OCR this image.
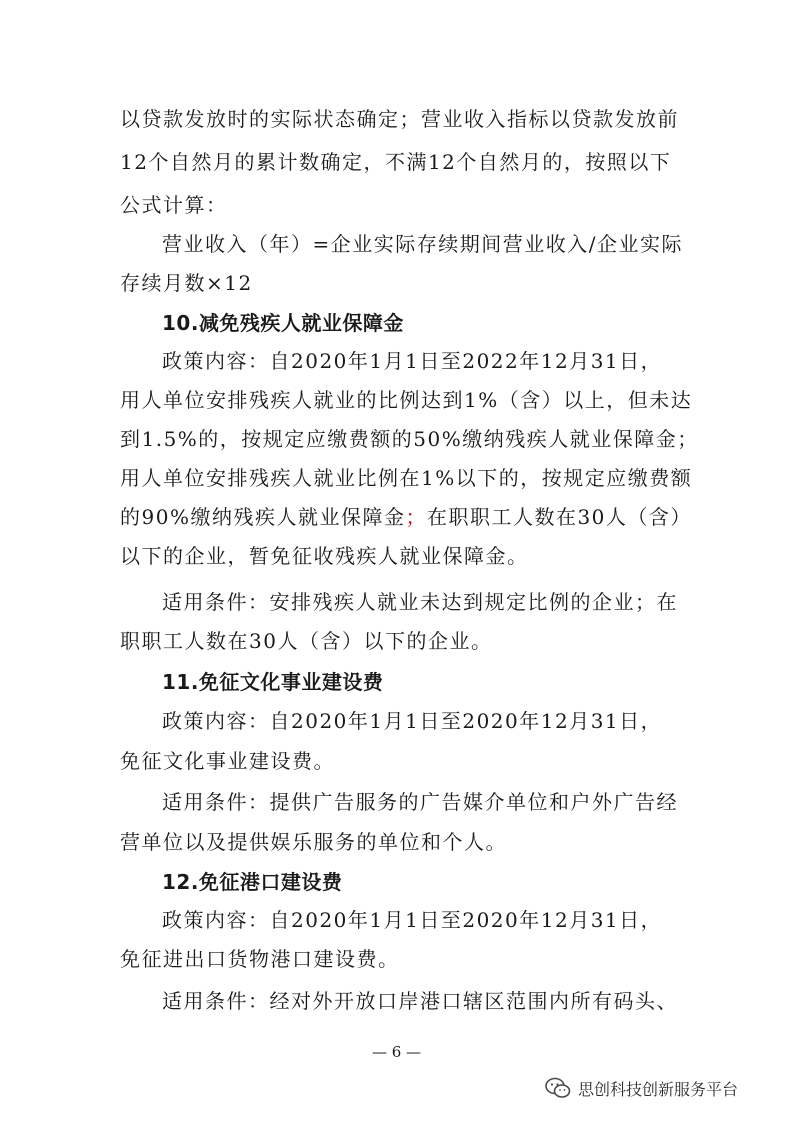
以贷款发放时的实际状态确定；营业收入指标以贷款发放前
12个自然月的累计数确定，不满12个自然月的，按照以下
公式计算：
营业收入（年）=企业实际存续期间营业收入/企业实际
存续月数×12
10.减免残疾人就业保障金
政策内容：自2020年1月1日至2022年12月31日，
用人单位安排残疾人就业的比例达到1%（含）以上，但未达
到1.5%的，按规定应缴费额的50%缴纳残疾人就业保障金；
用人单位安排残疾人就业比例在1%以下的，按规定应缴费额
的90%缴纳残疾人就业保障金；在职职工人数在30人（含）
以下的企业，暂免征收残疾人就业保障金。
适用条件：安排残疾人就业未达到规定比例的企业；在
职职工人数在30人（含）以下的企业。
11.免征文化事业建设费
政策内容：自2020年1月1日至2020年12月31日，
免征文化事业建设费。
适用条件：提供广告服务的广告媒介单位和户外广告经
营单位以及提供娱乐服务的单位和个人。
12.免征港口建设费
政策内容：自2020年1月1日至2020年12月31日，
免征进出口货物港口建设费。
适用条件：经对外开放口岸港口辖区范围内所有码头、
— 6 —
思创科技创新服务平台
